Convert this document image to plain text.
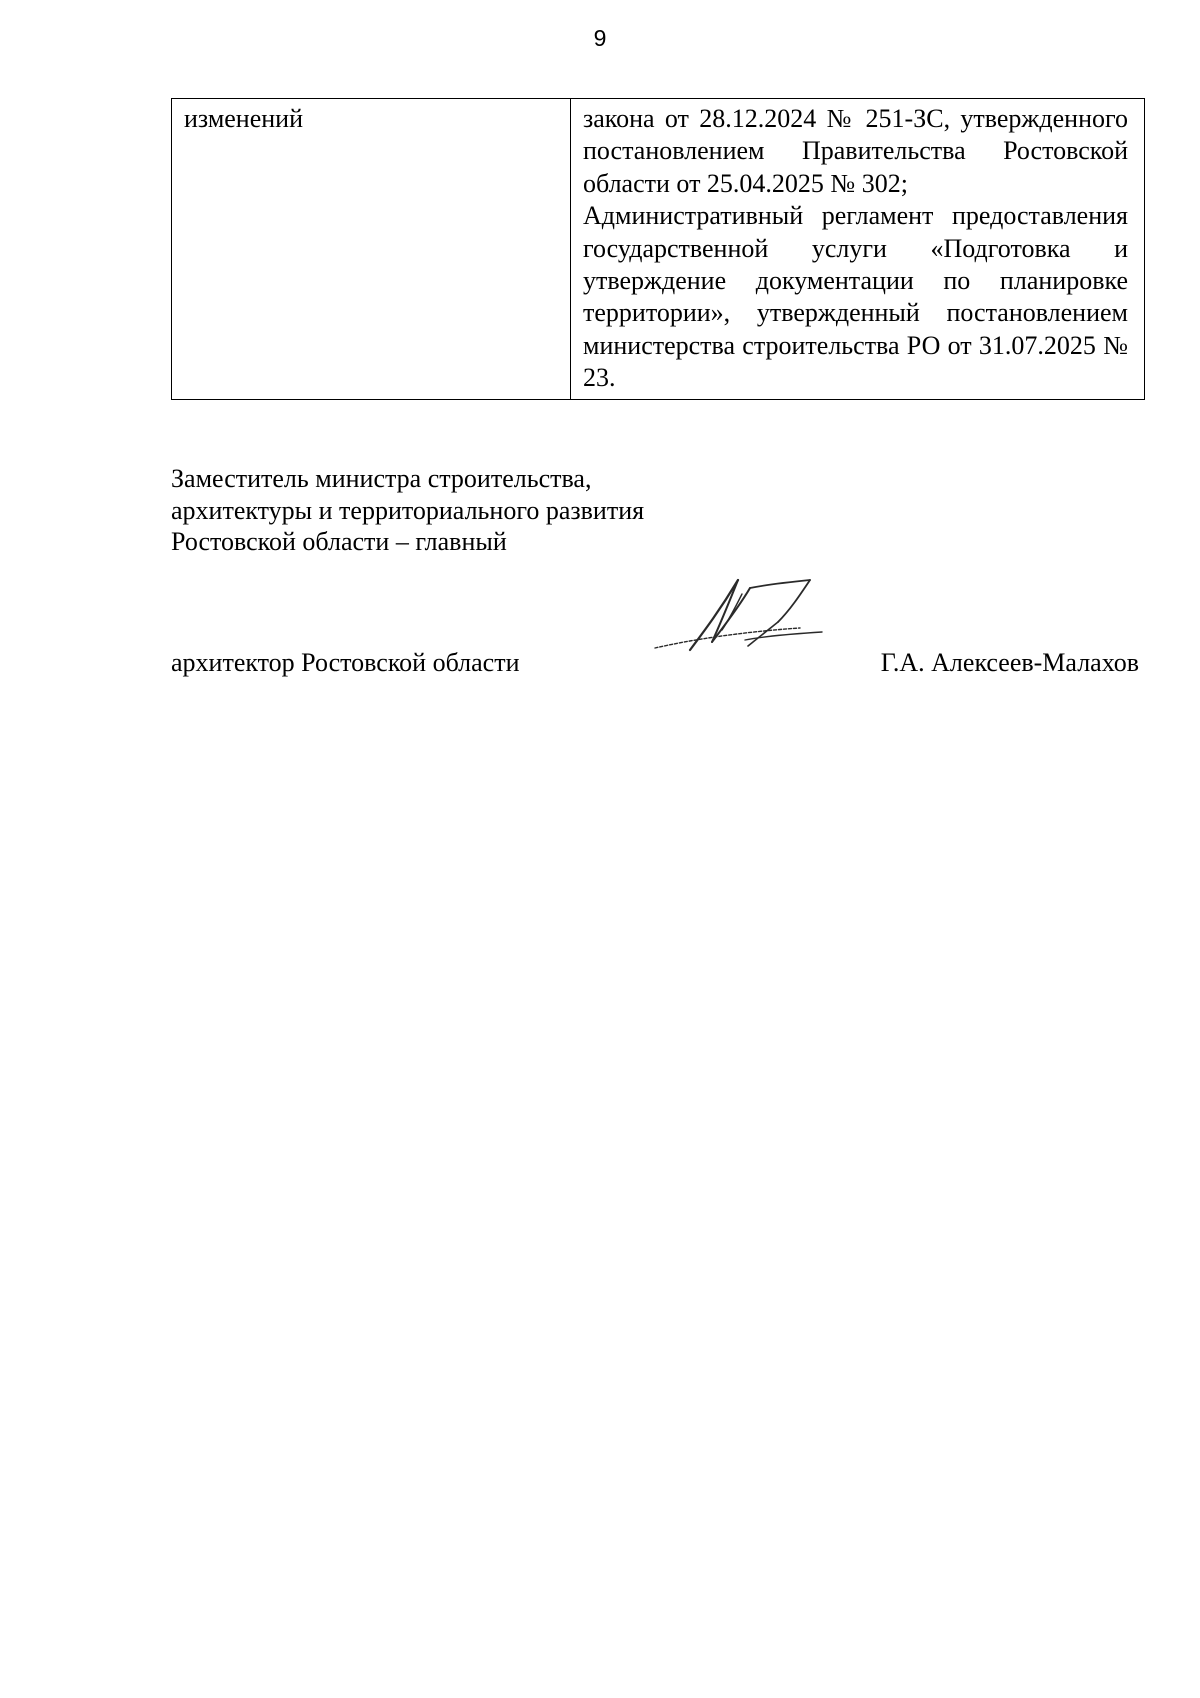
9
изменений	закона от 28.12.2024 № 251-ЗС, утвержденного постановлением Правительства Ростовской области от 25.04.2025 № 302;

Административный регламент предоставления государственной услуги «Подготовка и утверждение документации по планировке территории», утвержденный постановлением министерства строительства РО от 31.07.2025 № 23.

Заместитель министра строительства,
архитектуры и территориального развития
Ростовской области – главный
архитектор Ростовской области	Г.А. Алексеев-Малахов
